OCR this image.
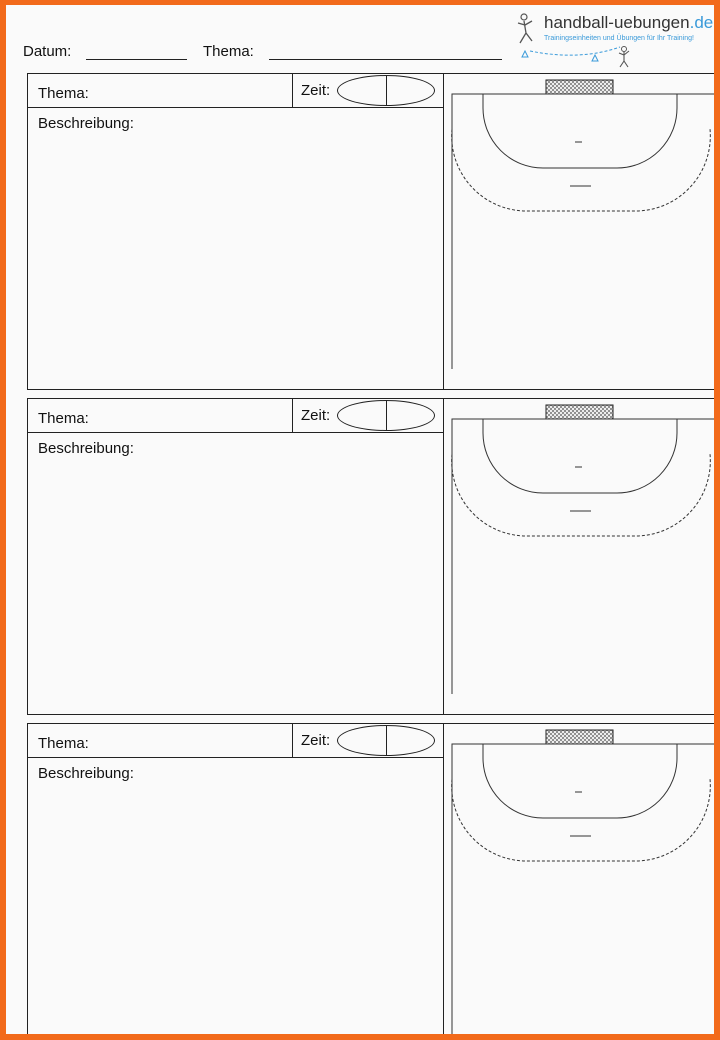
Datum:	Thema:
handball-uebungen.de
Trainingseinheiten und Übungen für Ihr Training!
Thema:	Zeit:
Beschreibung:
Thema:	Zeit:
Beschreibung:
Thema:	Zeit:
Beschreibung:
